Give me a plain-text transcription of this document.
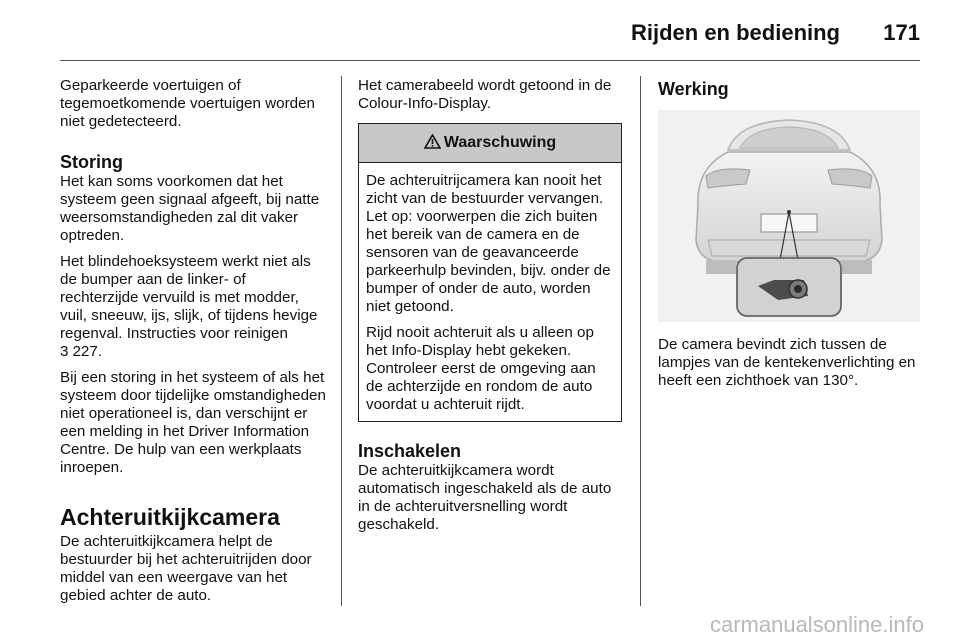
Rijden en bediening 171

Geparkeerde voertuigen of tegemoetkomende voertuigen worden niet gedetecteerd.

Storing

Het kan soms voorkomen dat het systeem geen signaal afgeeft, bij natte weersomstandigheden zal dit vaker optreden.

Het blindehoeksysteem werkt niet als de bumper aan de linker- of rechterzijde vervuild is met modder, vuil, sneeuw, ijs, slijk, of tijdens hevige regenval. Instructies voor reinigen
3 227.

Bij een storing in het systeem of als het systeem door tijdelijke omstandigheden niet operationeel is, dan verschijnt er een melding in het Driver Information Centre. De hulp van een werkplaats inroepen.

Achteruitkijkcamera

De achteruitkijkcamera helpt de bestuurder bij het achteruitrijden door middel van een weergave van het gebied achter de auto.

Het camerabeeld wordt getoond in de Colour-Info-Display.

Waarschuwing

De achteruitrijcamera kan nooit het zicht van de bestuurder vervangen. Let op: voorwerpen die zich buiten het bereik van de camera en de sensoren van de geavanceerde parkeerhulp bevinden, bijv. onder de bumper of onder de auto, worden niet getoond.

Rijd nooit achteruit als u alleen op het Info-Display hebt gekeken. Controleer eerst de omgeving aan de achterzijde en rondom de auto voordat u achteruit rijdt.

Inschakelen

De achteruitkijkcamera wordt automatisch ingeschakeld als de auto in de achteruitversnelling wordt geschakeld.

Werking

De camera bevindt zich tussen de lampjes van de kentekenverlichting en heeft een zichthoek van 130°.

carmanualsonline.info
